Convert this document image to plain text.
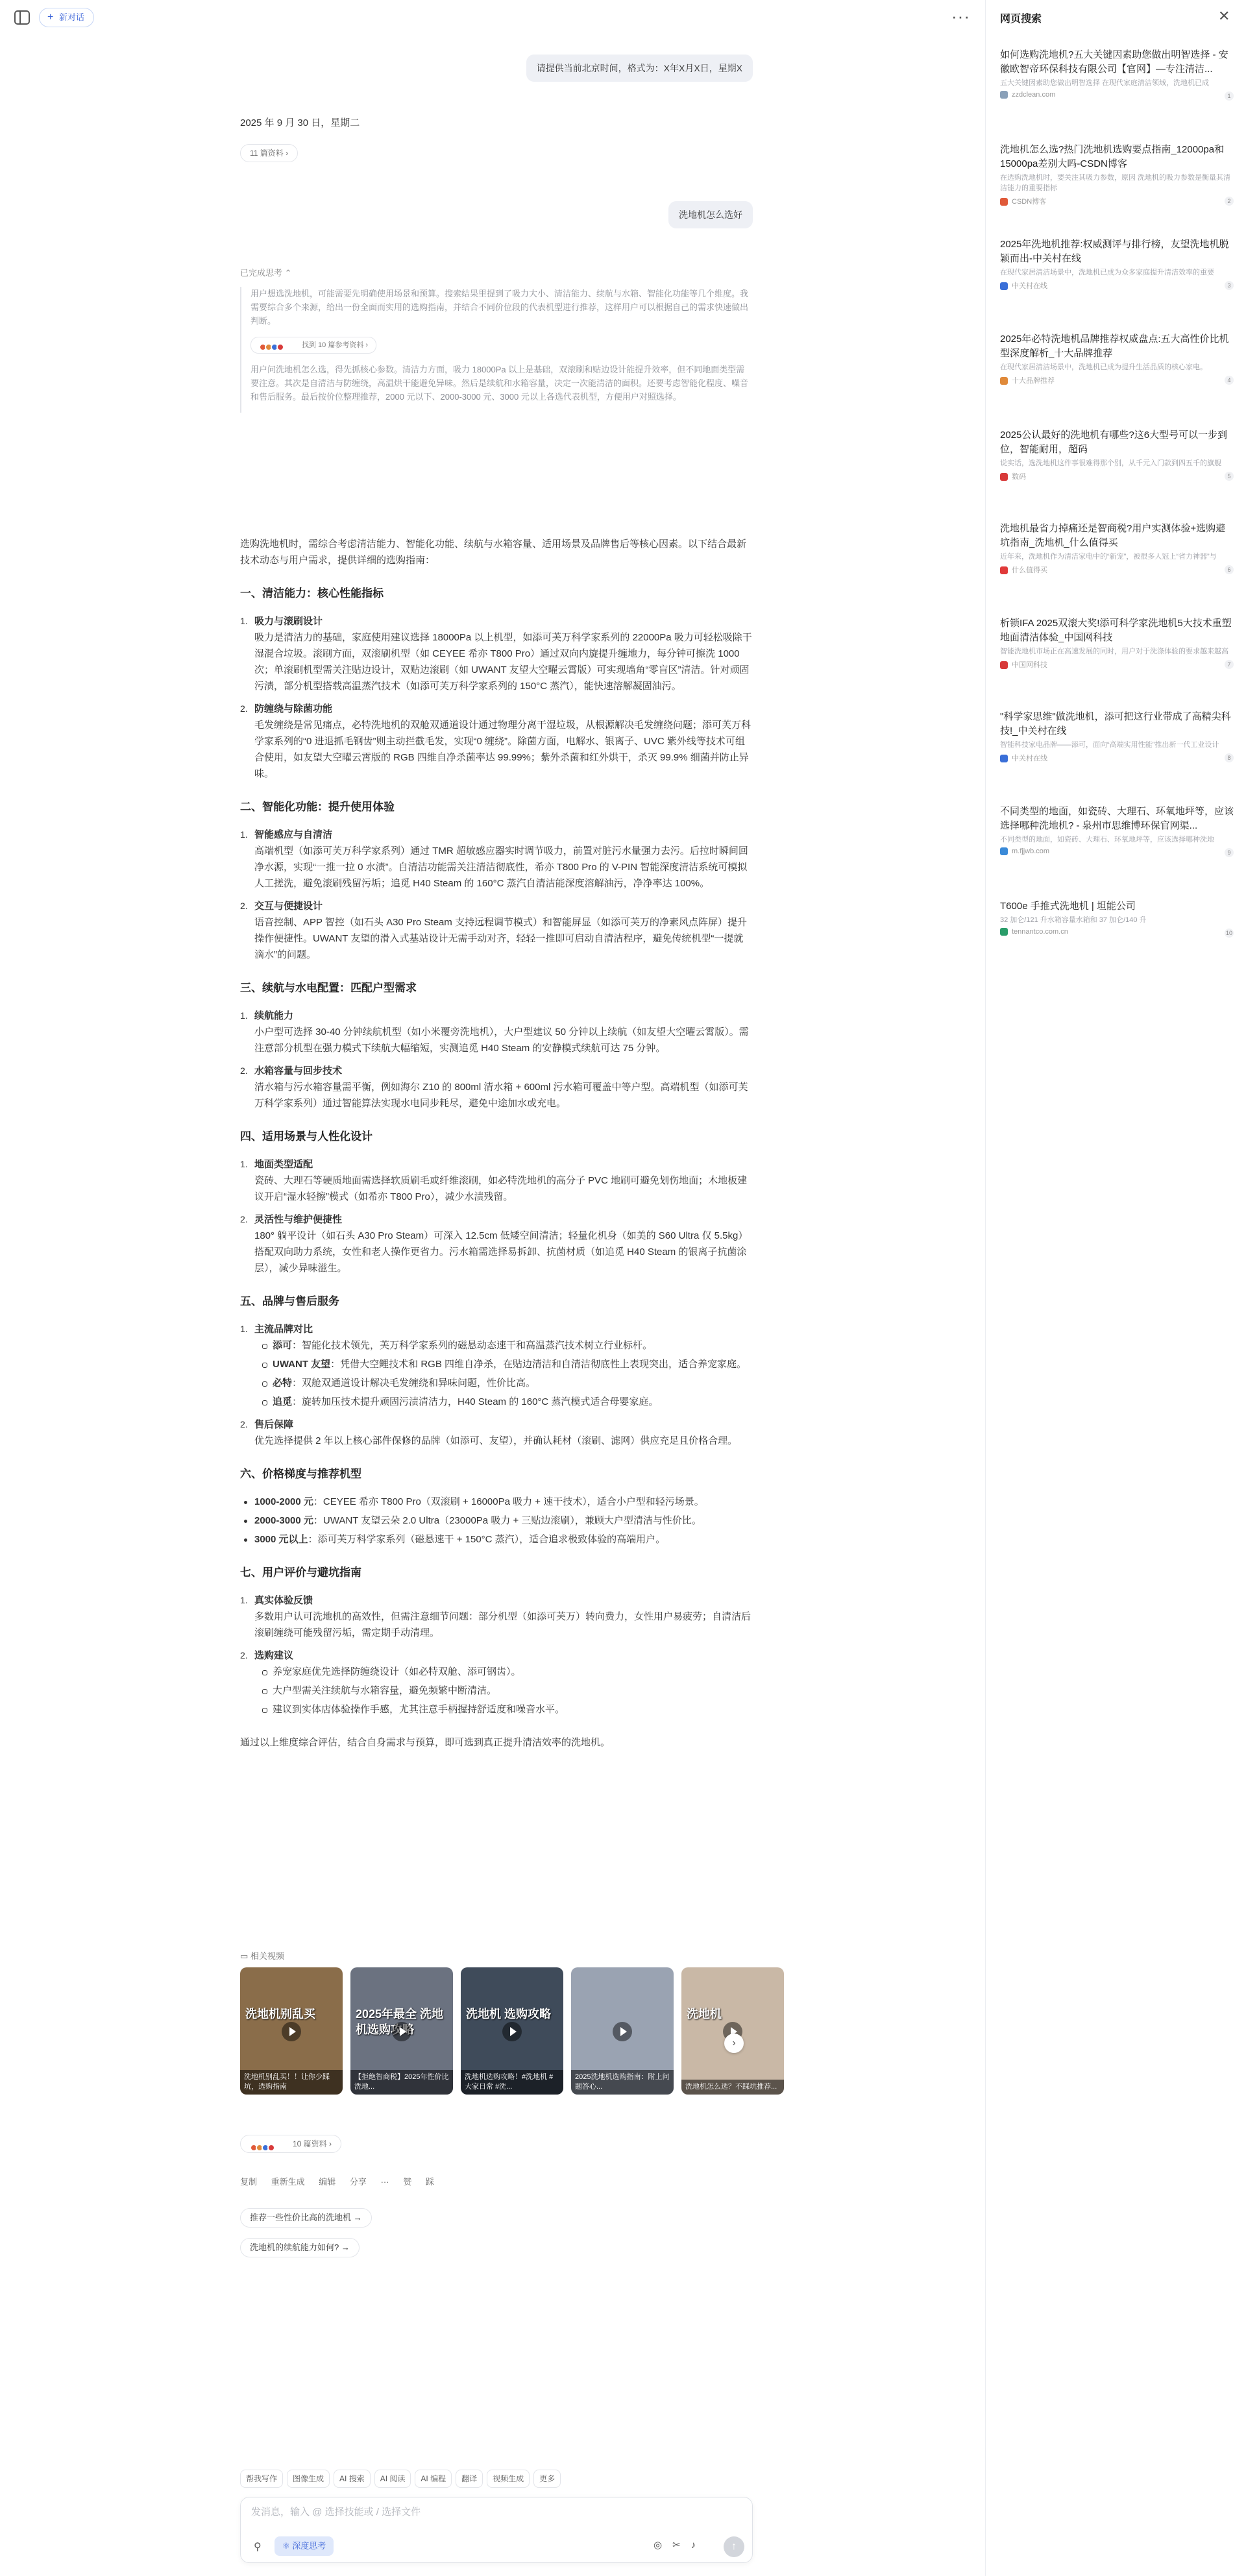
+ 新对话	···
请提供当前北京时间，格式为：X年X月X日，星期X
2025 年 9 月 30 日，星期二
11 篇资料 ›
洗地机怎么选好
已完成思考 ⌃

用户想选洗地机，可能需要先明确使用场景和预算。搜索结果里提到了吸力大小、清洁能力、续航与水箱、智能化功能等几个维度。我需要综合多个来源，给出一份全面而实用的选购指南，并结合不同价位段的代表机型进行推荐，这样用户可以根据自己的需求快速做出判断。

找到 10 篇参考资料 ›

用户问洗地机怎么选，得先抓核心参数。清洁力方面，吸力 18000Pa 以上是基础，双滚刷和贴边设计能提升效率，但不同地面类型需要注意。其次是自清洁与防缠绕，高温烘干能避免异味。然后是续航和水箱容量，决定一次能清洁的面积。还要考虑智能化程度、噪音和售后服务。最后按价位整理推荐，2000 元以下、2000-3000 元、3000 元以上各选代表机型，方便用户对照选择。

选购洗地机时，需综合考虑清洁能力、智能化功能、续航与水箱容量、适用场景及品牌售后等核心因素。以下结合最新技术动态与用户需求，提供详细的选购指南：

一、清洁能力：核心性能指标
1. 吸力与滚刷设计
吸力是清洁力的基础，家庭使用建议选择 18000Pa 以上机型，如添可芙万科学家系列的 22000Pa 吸力可轻松吸除干湿混合垃圾。滚刷方面，双滚刷机型（如 CEYEE 希亦 T800 Pro）通过双向内旋提升缠地力，每分钟可擦洗 1000 次；单滚刷机型需关注贴边设计，双贴边滚刷（如 UWANT 友望大空曜云霄版）可实现墙角“零盲区”清洁。针对顽固污渍，部分机型搭载高温蒸汽技术（如添可芙万科学家系列的 150°C 蒸汽），能快速溶解凝固油污。
2. 防缠绕与除菌功能
毛发缠绕是常见痛点，必特洗地机的双舱双通道设计通过物理分离干湿垃圾，从根源解决毛发缠绕问题；添可芙万科学家系列的“0 进退抓毛钢齿”则主动拦截毛发，实现“0 缠绕”。除菌方面，电解水、银离子、UVC 紫外线等技术可组合使用，如友望大空曜云霄版的 RGB 四维自净杀菌率达 99.99%；紫外杀菌和红外烘干，杀灭 99.9% 细菌并防止异味。
二、智能化功能：提升使用体验
1. 智能感应与自清洁
高端机型（如添可芙万科学家系列）通过 TMR 超敏感应器实时调节吸力，前置对脏污水量强力去污。后拉时瞬间回净水源，实现“一推一拉 0 水渍”。自清洁功能需关注清洁彻底性，希亦 T800 Pro 的 V-PIN 智能深度清洁系统可模拟人工搓洗，避免滚刷残留污垢；追觅 H40 Steam 的 160°C 蒸汽自清洁能深度溶解油污，净净率达 100%。
2. 交互与便捷设计
语音控制、APP 智控（如石头 A30 Pro Steam 支持远程调节模式）和智能屏显（如添可芙万的净素风点阵屏）提升操作便捷性。UWANT 友望的滑入式基站设计无需手动对齐，轻轻一推即可启动自清洁程序，避免传统机型“一提就滴水”的问题。
三、续航与水电配置：匹配户型需求
1. 续航能力
小户型可选择 30-40 分钟续航机型（如小米覆旁洗地机），大户型建议 50 分钟以上续航（如友望大空曜云霄版）。需注意部分机型在强力模式下续航大幅缩短，实测追觅 H40 Steam 的安静模式续航可达 75 分钟。
2. 水箱容量与回步技术
清水箱与污水箱容量需平衡，例如海尔 Z10 的 800ml 清水箱 + 600ml 污水箱可覆盖中等户型。高端机型（如添可芙万科学家系列）通过智能算法实现水电同步耗尽，避免中途加水或充电。
四、适用场景与人性化设计
1. 地面类型适配
瓷砖、大理石等硬质地面需选择软质刷毛或纤维滚刷，如必特洗地机的高分子 PVC 地刷可避免划伤地面；木地板建议开启“湿水轻擦”模式（如希亦 T800 Pro），减少水渍残留。
2. 灵活性与维护便捷性
180° 躺平设计（如石头 A30 Pro Steam）可深入 12.5cm 低矮空间清洁；轻量化机身（如美的 S60 Ultra 仅 5.5kg）搭配双向助力系统，女性和老人操作更省力。污水箱需选择易拆卸、抗菌材质（如追觅 H40 Steam 的银离子抗菌涂层），减少异味滋生。
五、品牌与售后服务
1. 主流品牌对比
添可：智能化技术领先，芙万科学家系列的磁悬动态速干和高温蒸汽技术树立行业标杆。
UWANT 友望：凭借大空鲤技术和 RGB 四维自净杀，在贴边清洁和自清洁彻底性上表现突出，适合养宠家庭。
必特：双舱双通道设计解决毛发缠绕和异味问题，性价比高。
追觅：旋转加压技术提升顽固污渍清洁力，H40 Steam 的 160°C 蒸汽模式适合母婴家庭。
2. 售后保障
优先选择提供 2 年以上核心部件保修的品牌（如添可、友望），并确认耗材（滚刷、滤网）供应充足且价格合理。
六、价格梯度与推荐机型
1000-2000 元：CEYEE 希亦 T800 Pro（双滚刷 + 16000Pa 吸力 + 速干技术），适合小户型和轻污场景。
2000-3000 元：UWANT 友望云朵 2.0 Ultra（23000Pa 吸力 + 三贴边滚刷），兼顾大户型清洁与性价比。
3000 元以上：添可芙万科学家系列（磁悬速干 + 150°C 蒸汽），适合追求极致体验的高端用户。
七、用户评价与避坑指南
1. 真实体验反馈
多数用户认可洗地机的高效性，但需注意细节问题：部分机型（如添可芙万）转向费力，女性用户易疲劳；自清洁后滚刷缠绕可能残留污垢，需定期手动清理。
2. 选购建议
养宠家庭优先选择防缠绕设计（如必特双舱、添可钢齿）。
大户型需关注续航与水箱容量，避免频繁中断清洁。
建议到实体店体验操作手感，尤其注意手柄握持舒适度和噪音水平。

通过以上维度综合评估，结合自身需求与预算，即可选到真正提升清洁效率的洗地机。

▭ 相关视频
洗地机别乱买
洗地机别乱买！！让你少踩坑，选购指南
2025年最全 洗地机选购攻略
【拒绝智商税】2025年性价比洗地...
洗地机 选购攻略
洗地机选购攻略！#洗地机 #大家日常 #洗...
2025洗地机选购指南：附上问题答心...
洗地机
洗地机怎么选？不踩坑推荐...
›
10 篇资料 ›
复制 重新生成 编辑 分享 ··· 赞 踩
推荐一些性价比高的洗地机 →
洗地机的续航能力如何? →
帮我写作 图像生成 AI 搜索 AI 阅读 AI 编程 翻译 视频生成 更多
发消息，输入 @ 选择技能或 / 选择文件
⚲	⚛ 深度思考	◎ ✂ ♪	↑
网页搜索	✕
如何选购洗地机?五大关键因素助您做出明智选择 - 安徽欧智帝环保科技有限公司【官网】—专注清洁...
五大关键因素助您做出明智选择 在现代家庭清洁领域，洗地机已成
zzdclean.com	1
洗地机怎么选?热门洗地机选购要点指南_12000pa和15000pa差别大吗-CSDN博客
在选购洗地机时，要关注其吸力参数，原因 洗地机的吸力参数是衡量其清洁能力的重要指标
CSDN博客	2
2025年洗地机推荐:权威测评与排行榜，友望洗地机脱颖而出-中关村在线
在现代家居清洁场景中，洗地机已成为众多家庭提升清洁效率的重要
中关村在线	3
2025年必特洗地机品牌推荐权威盘点:五大高性价比机型深度解析_十大品牌推荐
在现代家居清洁场景中，洗地机已成为提升生活品质的核心家电。
十大品牌推荐	4
2025公认最好的洗地机有哪些?这6大型号可以一步到位，智能耐用，超码
说实话，选洗地机这件事很难得那个别，从千元入门款到四五千的旗舰
数码	5
洗地机最省力掉痛还是智商税?用户实测体验+选购避坑指南_洗地机_什么值得买
近年来，洗地机作为清洁家电中的“新宠”，被很多人冠上“省力神器”与
什么值得买	6
析锁IFA 2025双滚大奖!添可科学家洗地机5大技术重塑地面清洁体验_中国网科技
智能洗地机市场正在高速发展的同时，用户对于洗涤体验的要求越来越高
中国网科技	7
"科学家思维"做洗地机，添可把这行业带成了高精尖科技!_中关村在线
智能科技家电品牌——添可，面向“高端实用性能”推出新一代工业设计
中关村在线	8
不同类型的地面，如瓷砖、大理石、环氧地坪等，应该选择哪种洗地机? - 泉州市思维博环保官网渠...
不同类型的地面，如瓷砖、大理石、环氧地坪等，应该选择哪种洗地
m.fjjwb.com	9
T600e 手推式洗地机 | 坦能公司
32 加仑/121 升水箱容量水箱和 37 加仑/140 升
tennantco.com.cn	10
